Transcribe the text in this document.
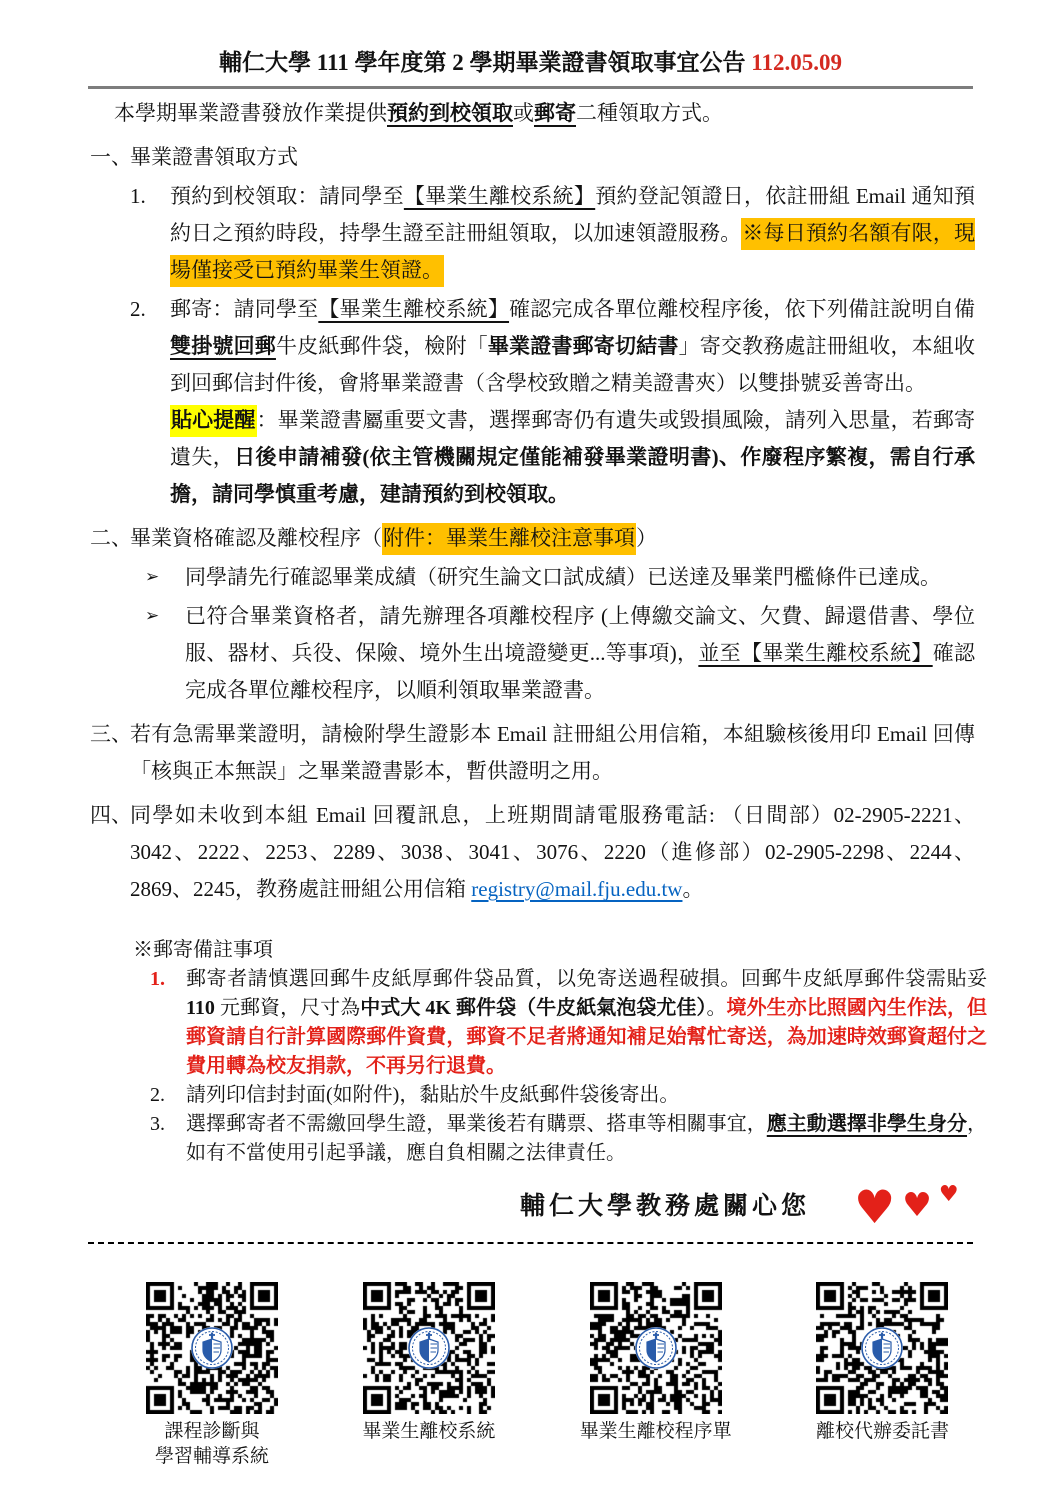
輔仁大學 111 學年度第 2 學期畢業證書領取事宜公告 112.05.09
本學期畢業證書發放作業提供預約到校領取或郵寄二種領取方式。
一、
畢業證書領取方式
1.	預約到校領取：請同學至【畢業生離校系統】預約登記領證日，依註冊組 Email 通知預約日之預約時段，持學生證至註冊組領取，以加速領證服務。※每日預約名額有限，現場僅接受已預約畢業生領證。
2.	郵寄：請同學至【畢業生離校系統】確認完成各單位離校程序後，依下列備註說明自備雙掛號回郵牛皮紙郵件袋，檢附「畢業證書郵寄切結書」寄交教務處註冊組收，本組收到回郵信封件後，會將畢業證書（含學校致贈之精美證書夾）以雙掛號妥善寄出。
貼心提醒：畢業證書屬重要文書，選擇郵寄仍有遺失或毀損風險，請列入思量，若郵寄遺失，日後申請補發(依主管機關規定僅能補發畢業證明書)、作廢程序繁複，需自行承擔，請同學慎重考慮，建請預約到校領取。
二、
畢業資格確認及離校程序（附件：畢業生離校注意事項）
➢	同學請先行確認畢業成績（研究生論文口試成績）已送達及畢業門檻條件已達成。
➢	已符合畢業資格者，請先辦理各項離校程序 (上傳繳交論文、欠費、歸還借書、學位服、器材、兵役、保險、境外生出境證變更...等事項)，並至【畢業生離校系統】確認完成各單位離校程序，以順利領取畢業證書。
三、
若有急需畢業證明，請檢附學生證影本 Email 註冊組公用信箱，本組驗核後用印 Email 回傳「核與正本無誤」之畢業證書影本，暫供證明之用。
四、
同學如未收到本組 Email 回覆訊息，上班期間請電服務電話: （日間部）02-2905-2221、3042、2222、2253、2289、3038、3041、3076、2220（進修部）02-2905-2298、2244、2869、2245，教務處註冊組公用信箱 registry@mail.fju.edu.tw。
※郵寄備註事項
1.	郵寄者請慎選回郵牛皮紙厚郵件袋品質，以免寄送過程破損。回郵牛皮紙厚郵件袋需貼妥 110 元郵資，尺寸為中式大 4K 郵件袋（牛皮紙氣泡袋尤佳）。境外生亦比照國內生作法，但郵資請自行計算國際郵件資費，郵資不足者將通知補足始幫忙寄送，為加速時效郵資超付之費用轉為校友捐款，不再另行退費。
2.	請列印信封封面(如附件)，黏貼於牛皮紙郵件袋後寄出。
3.	選擇郵寄者不需繳回學生證，畢業後若有購票、搭車等相關事宜，應主動選擇非學生身分，如有不當使用引起爭議，應自負相關之法律責任。
輔仁大學教務處關心您 ♥ ♥ ♥
課程診斷與
學習輔導系統
畢業生離校系統	畢業生離校程序單	離校代辦委託書
